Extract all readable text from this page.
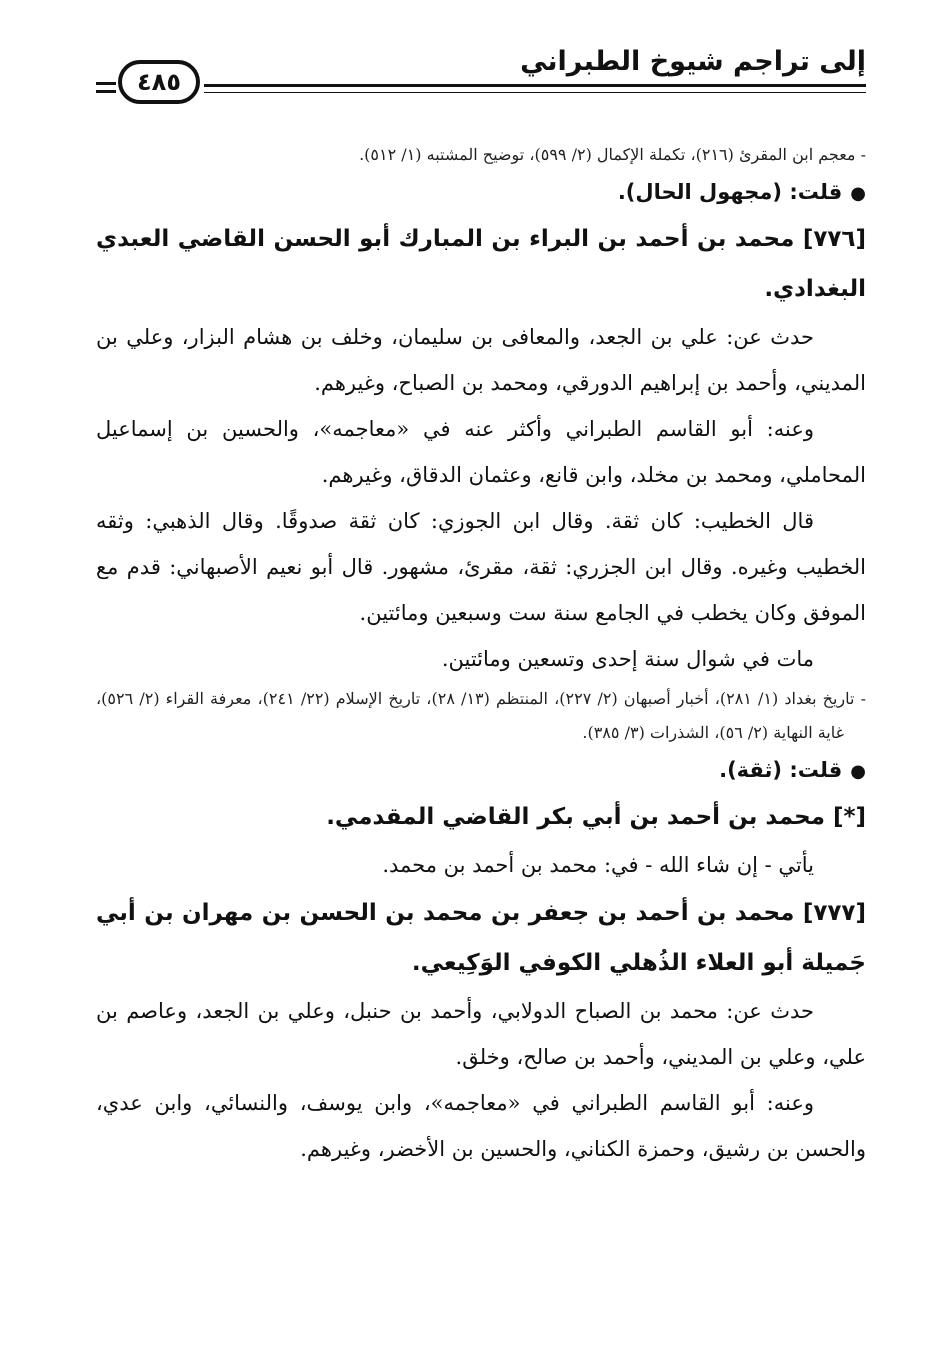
٤٨٥
إلى تراجم شيوخ الطبراني

- معجم ابن المقرئ (٢١٦)، تكملة الإكمال (٢/ ٥٩٩)، توضيح المشتبه (١/ ٥١٢).

●قلت: (مجهول الحال).

[٧٧٦] محمد بن أحمد بن البراء بن المبارك أبو الحسن القاضي العبدي البغدادي.

حدث عن: علي بن الجعد، والمعافى بن سليمان، وخلف بن هشام البزار، وعلي بن المديني، وأحمد بن إبراهيم الدورقي، ومحمد بن الصباح، وغيرهم.

وعنه: أبو القاسم الطبراني وأكثر عنه في «معاجمه»، والحسين بن إسماعيل المحاملي، ومحمد بن مخلد، وابن قانع، وعثمان الدقاق، وغيرهم.

قال الخطيب: كان ثقة. وقال ابن الجوزي: كان ثقة صدوقًا. وقال الذهبي: وثقه الخطيب وغيره. وقال ابن الجزري: ثقة، مقرئ، مشهور. قال أبو نعيم الأصبهاني: قدم مع الموفق وكان يخطب في الجامع سنة ست وسبعين ومائتين.

مات في شوال سنة إحدى وتسعين ومائتين.

- تاريخ بغداد (١/ ٢٨١)، أخبار أصبهان (٢/ ٢٢٧)، المنتظم (١٣/ ٢٨)، تاريخ الإسلام (٢٢/ ٢٤١)، معرفة القراء (٢/ ٥٢٦)، غاية النهاية (٢/ ٥٦)، الشذرات (٣/ ٣٨٥).

●قلت: (ثقة).

[*] محمد بن أحمد بن أبي بكر القاضي المقدمي.

يأتي - إن شاء الله - في: محمد بن أحمد بن محمد.

[٧٧٧] محمد بن أحمد بن جعفر بن محمد بن الحسن بن مهران بن أبي جَميلة أبو العلاء الذُهلي الكوفي الوَكِيعي.

حدث عن: محمد بن الصباح الدولابي، وأحمد بن حنبل، وعلي بن الجعد، وعاصم بن علي، وعلي بن المديني، وأحمد بن صالح، وخلق.

وعنه: أبو القاسم الطبراني في «معاجمه»، وابن يوسف، والنسائي، وابن عدي، والحسن بن رشيق، وحمزة الكناني، والحسين بن الأخضر، وغيرهم.
